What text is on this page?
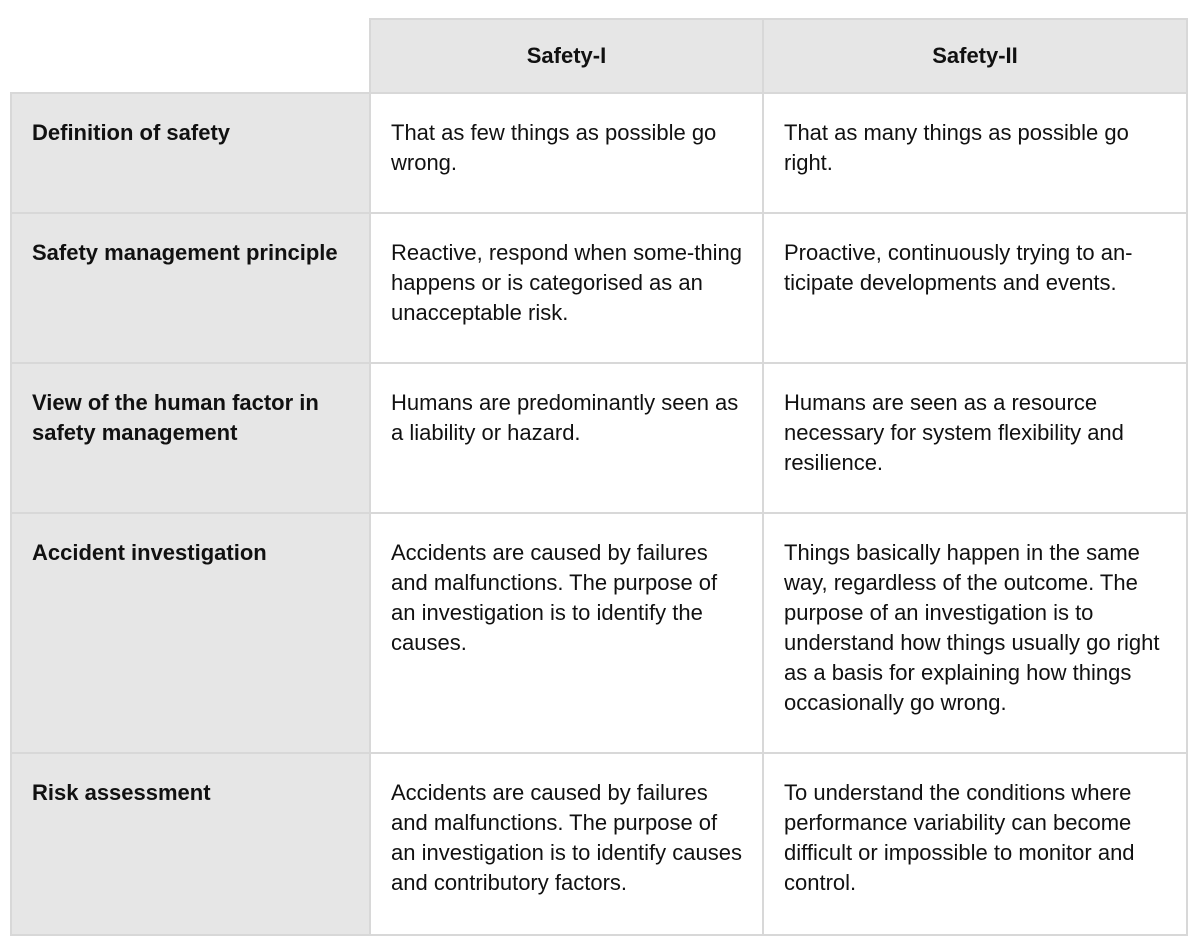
	Safety-I	Safety-II
Definition of safety	That as few things as possible go wrong.	That as many things as possible go right.
Safety management principle	Reactive, respond when some-thing happens or is categorised as an unacceptable risk.	Proactive, continuously trying to an-ticipate developments and events.
View of the human factor in safety management	Humans are predominantly seen as a liability or hazard.	Humans are seen as a resource necessary for system flexibility and resilience.
Accident investigation	Accidents are caused by failures and malfunctions. The purpose of an investigation is to identify the causes.	Things basically happen in the same way, regardless of the outcome. The purpose of an investigation is to understand how things usually go right as a basis for explaining how things occasionally go wrong.
Risk assessment	Accidents are caused by failures and malfunctions. The purpose of an investigation is to identify causes and contributory factors.	To understand the conditions where performance variability can become difficult or impossible to monitor and control.
